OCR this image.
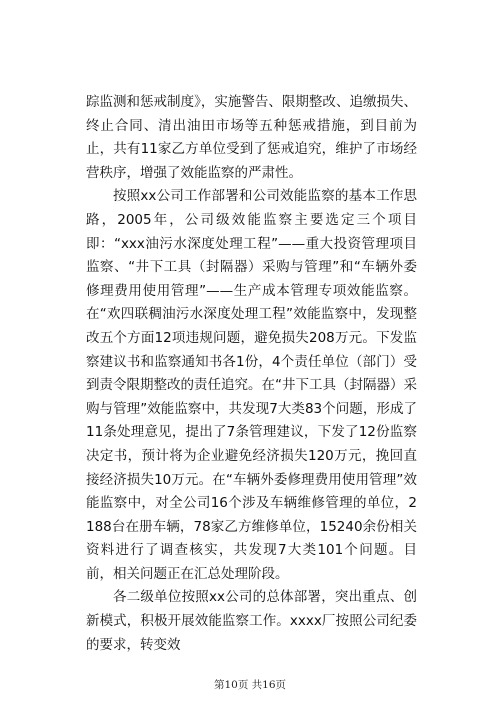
踪监测和惩戒制度》，实施警告、限期整改、追缴损失、终止合同、清出油田市场等五种惩戒措施，到目前为止，共有11家乙方单位受到了惩戒追究，维护了市场经营秩序，增强了效能监察的严肃性。

按照xx公司工作部署和公司效能监察的基本工作思路，2005年，公司级效能监察主要选定三个项目即：“xxx油污水深度处理工程”——重大投资管理项目监察、“井下工具（封隔器）采购与管理”和“车辆外委修理费用使用管理”——生产成本管理专项效能监察。在“欢四联稠油污水深度处理工程”效能监察中，发现整改五个方面12项违规问题，避免损失208万元。下发监察建议书和监察通知书各1份，4个责任单位（部门）受到责令限期整改的责任追究。在“井下工具（封隔器）采购与管理”效能监察中，共发现7大类83个问题，形成了11条处理意见，提出了7条管理建议，下发了12份监察决定书，预计将为企业避免经济损失120万元，挽回直接经济损失10万元。在“车辆外委修理费用使用管理”效能监察中，对全公司16个涉及车辆维修管理的单位，2188台在册车辆，78家乙方维修单位，15240余份相关资料进行了调查核实，共发现7大类101个问题。目前，相关问题正在汇总处理阶段。

各二级单位按照xx公司的总体部署，突出重点、创新模式，积极开展效能监察工作。xxxx厂按照公司纪委的要求，转变效

第10页 共16页
